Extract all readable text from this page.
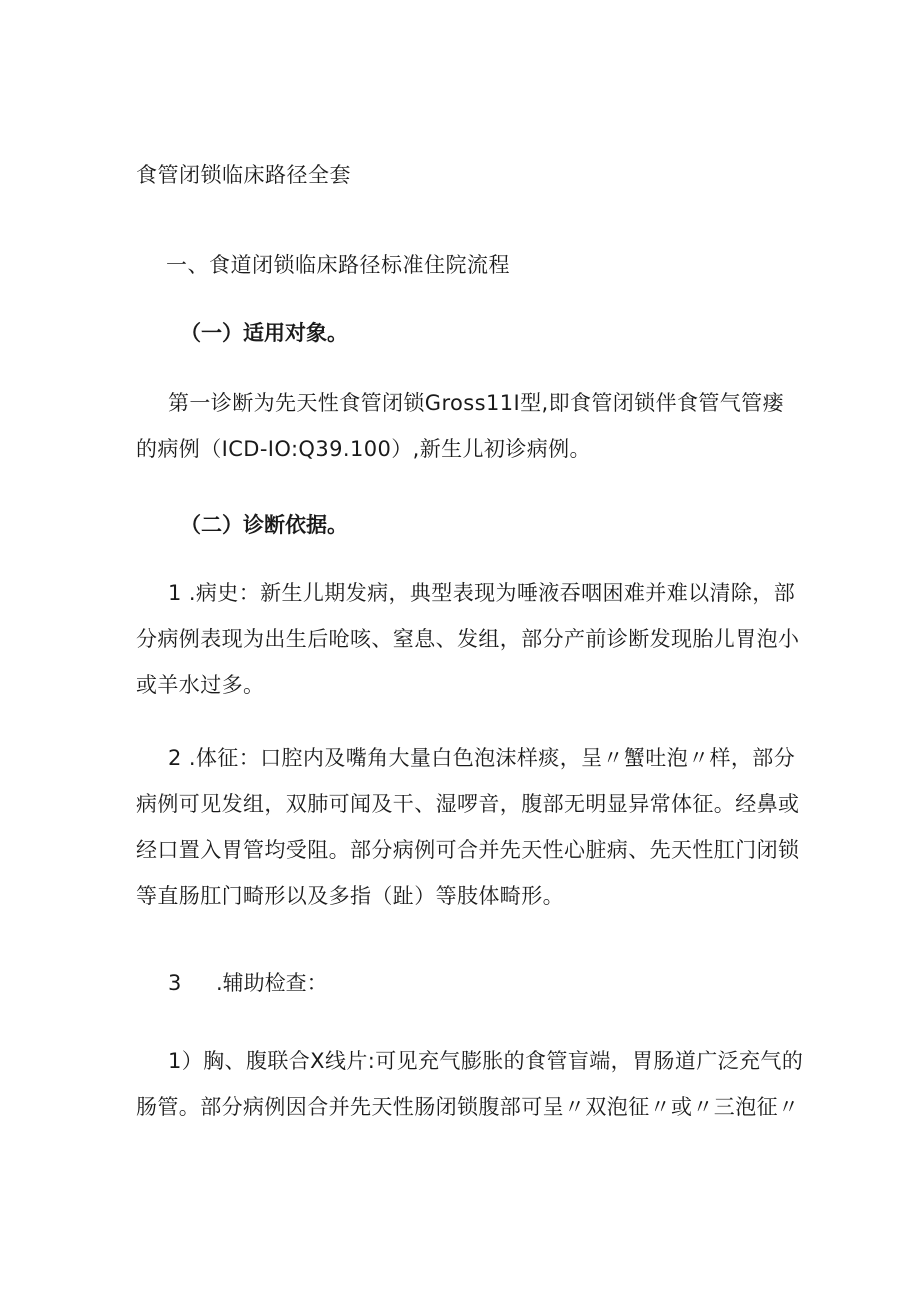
食管闭锁临床路径全套
一、食道闭锁临床路径标准住院流程
（一）适用对象。

第一诊断为先天性食管闭锁Gross11I型,即食管闭锁伴食管气管瘘的病例（ICD-IO:Q39.100）,新生儿初诊病例。

（二）诊断依据。

1 .病史：新生儿期发病，典型表现为唾液吞咽困难并难以清除，部分病例表现为出生后呛咳、窒息、发组，部分产前诊断发现胎儿胃泡小或羊水过多。

2 .体征：口腔内及嘴角大量白色泡沫样痰，呈〃蟹吐泡〃样，部分病例可见发组，双肺可闻及干、湿啰音，腹部无明显异常体征。经鼻或经口置入胃管均受阻。部分病例可合并先天性心脏病、先天性肛门闭锁等直肠肛门畸形以及多指（趾）等肢体畸形。

3 .辅助检查：

1）胸、腹联合X线片:可见充气膨胀的食管盲端，胃肠道广泛充气的肠管。部分病例因合并先天性肠闭锁腹部可呈〃双泡征〃或〃三泡征〃
